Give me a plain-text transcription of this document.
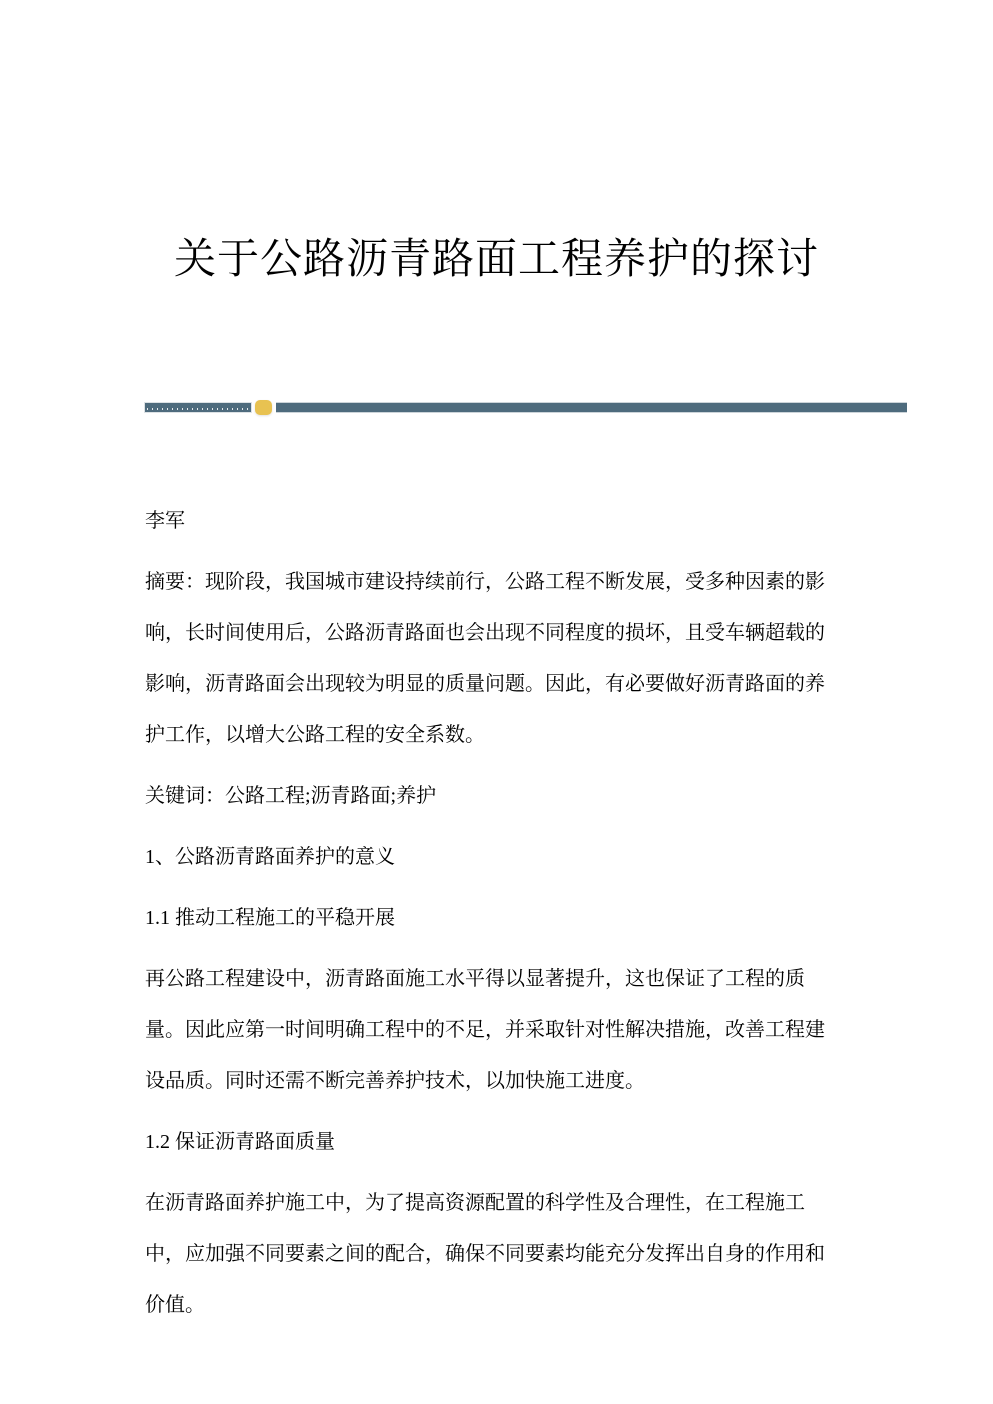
关于公路沥青路面工程养护的探讨

李军

摘要：现阶段，我国城市建设持续前行，公路工程不断发展，受多种因素的影响，长时间使用后，公路沥青路面也会出现不同程度的损坏，且受车辆超载的影响，沥青路面会出现较为明显的质量问题。因此，有必要做好沥青路面的养护工作，以增大公路工程的安全系数。

关键词：公路工程;沥青路面;养护

1、公路沥青路面养护的意义

1.1 推动工程施工的平稳开展

再公路工程建设中，沥青路面施工水平得以显著提升，这也保证了工程的质量。因此应第一时间明确工程中的不足，并采取针对性解决措施，改善工程建设品质。同时还需不断完善养护技术，以加快施工进度。

1.2 保证沥青路面质量

在沥青路面养护施工中，为了提高资源配置的科学性及合理性，在工程施工中，应加强不同要素之间的配合，确保不同要素均能充分发挥出自身的作用和价值。
